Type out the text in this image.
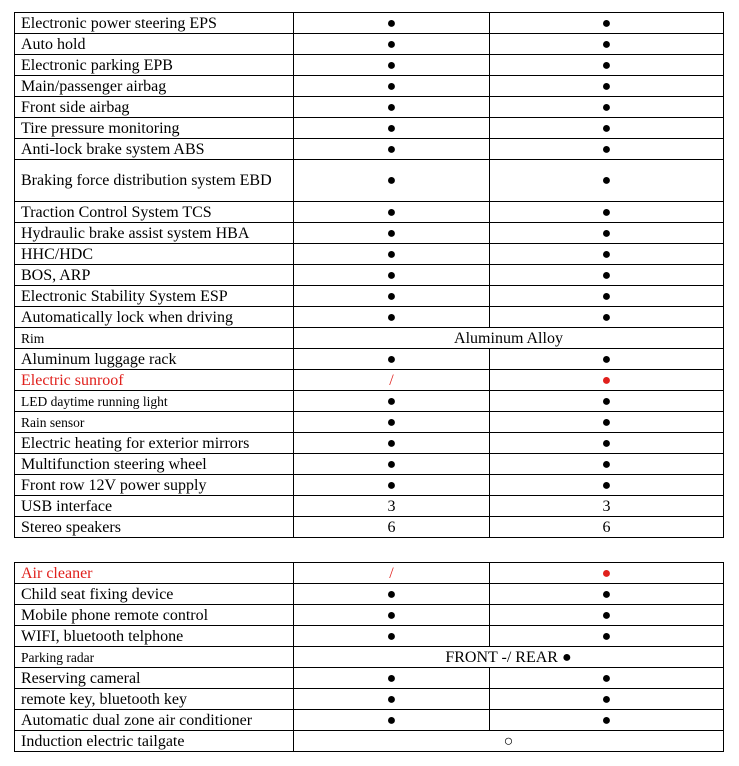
Electronic power steering EPS	●	●
Auto hold	●	●
Electronic parking EPB	●	●
Main/passenger airbag	●	●
Front side airbag	●	●
Tire pressure monitoring	●	●
Anti-lock brake system ABS	●	●
Braking force distribution system EBD	●	●
Traction Control System TCS	●	●
Hydraulic brake assist system HBA	●	●
HHC/HDC	●	●
BOS, ARP	●	●
Electronic Stability System ESP	●	●
Automatically lock when driving	●	●
Rim	Aluminum Alloy	
Aluminum luggage rack	●	●
Electric sunroof	/	●
LED daytime running light	●	●
Rain sensor	●	●
Electric heating for exterior mirrors	●	●
Multifunction steering wheel	●	●
Front row 12V power supply	●	●
USB interface	3	3
Stereo speakers	6	6
Air cleaner	/	●
Child seat fixing device	●	●
Mobile phone remote control	●	●
WIFI, bluetooth telphone	●	●
Parking radar	FRONT -/ REAR ●	
Reserving cameral	●	●
remote key, bluetooth key	●	●
Automatic dual zone air conditioner	●	●
Induction electric tailgate	○	
